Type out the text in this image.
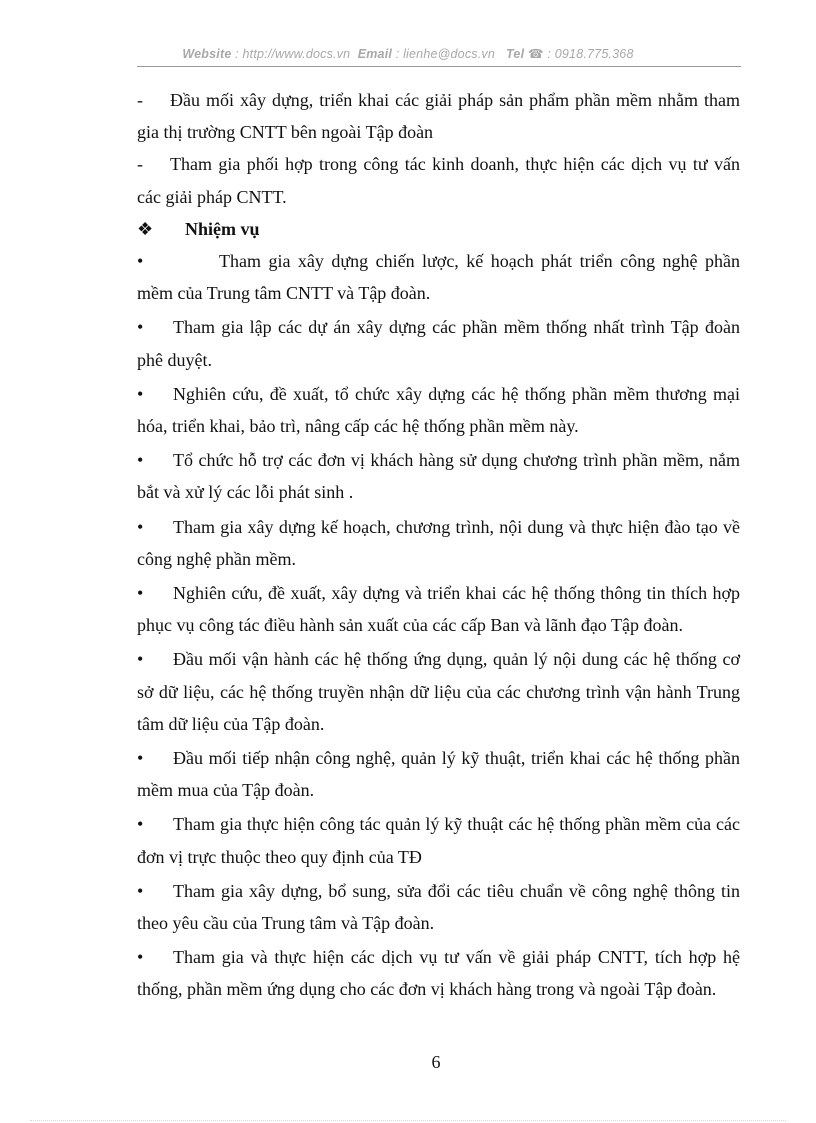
Website : http://www.docs.vn Email : lienhe@docs.vn Tel ☎ : 0918.775.368

- Đầu mối xây dựng, triển khai các giải pháp sản phẩm phần mềm nhằm tham gia thị trường CNTT bên ngoài Tập đoàn

- Tham gia phối hợp trong công tác kinh doanh, thực hiện các dịch vụ tư vấn các giải pháp CNTT.

❖ Nhiệm vụ

•	Tham gia xây dựng chiến lược, kế hoạch phát triển công nghệ phần mềm của Trung tâm CNTT và Tập đoàn.

• Tham gia lập các dự án xây dựng các phần mềm thống nhất trình Tập đoàn phê duyệt.

• Nghiên cứu, đề xuất, tổ chức xây dựng các hệ thống phần mềm thương mại hóa, triển khai, bảo trì, nâng cấp các hệ thống phần mềm này.

• Tổ chức hỗ trợ các đơn vị khách hàng sử dụng chương trình phần mềm, nắm bắt và xử lý các lỗi phát sinh .

• Tham gia xây dựng kế hoạch, chương trình, nội dung và thực hiện đào tạo về công nghệ phần mềm.

• Nghiên cứu, đề xuất, xây dựng và triển khai các hệ thống thông tin thích hợp phục vụ công tác điều hành sản xuất của các cấp Ban và lãnh đạo Tập đoàn.

• Đầu mối vận hành các hệ thống ứng dụng, quản lý nội dung các hệ thống cơ sở dữ liệu, các hệ thống truyền nhận dữ liệu của các chương trình vận hành Trung tâm dữ liệu của Tập đoàn.

• Đầu mối tiếp nhận công nghệ, quản lý kỹ thuật, triển khai các hệ thống phần mềm mua của Tập đoàn.

• Tham gia thực hiện công tác quản lý kỹ thuật các hệ thống phần mềm của các đơn vị trực thuộc theo quy định của TĐ

• Tham gia xây dựng, bổ sung, sửa đổi các tiêu chuẩn về công nghệ thông tin theo yêu cầu của Trung tâm và Tập đoàn.

• Tham gia và thực hiện các dịch vụ tư vấn về giải pháp CNTT, tích hợp hệ thống, phần mềm ứng dụng cho các đơn vị khách hàng trong và ngoài Tập đoàn.

6
